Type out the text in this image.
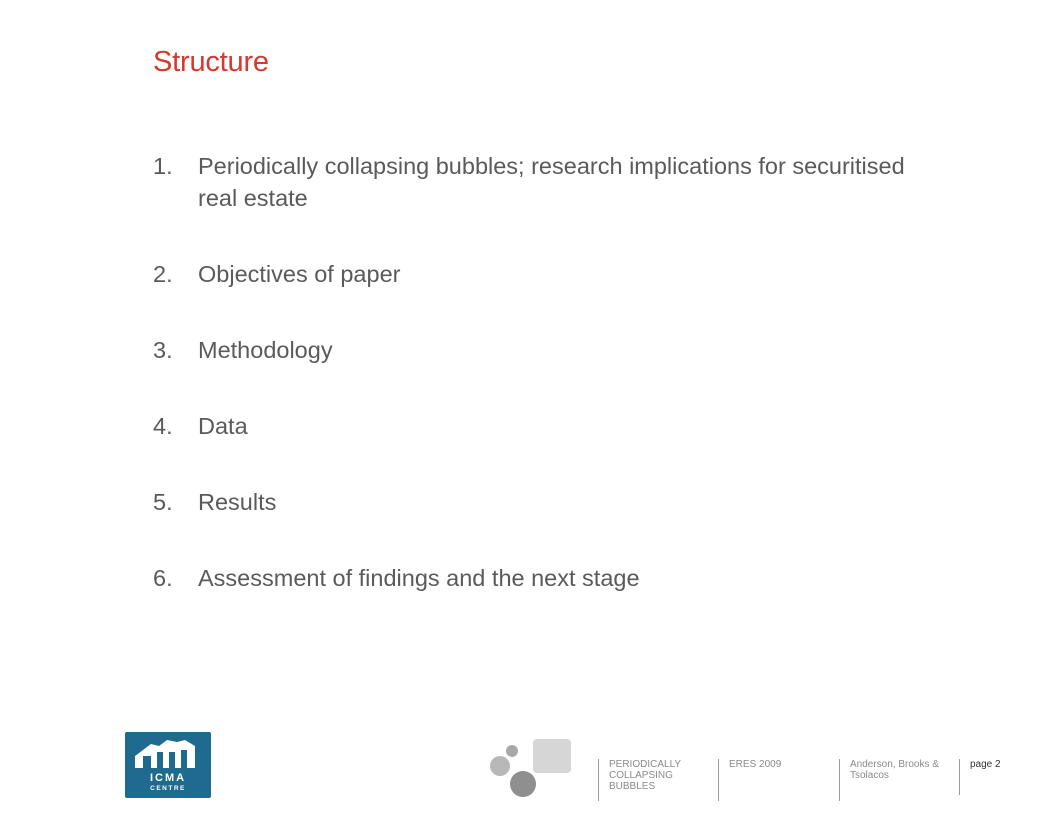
Structure
1. Periodically collapsing bubbles; research implications for securitised real estate
2. Objectives of paper
3. Methodology
4. Data
5. Results
6. Assessment of findings and the next stage
ICMA
CENTRE
PERIODICALLY COLLAPSING BUBBLES
ERES 2009	Anderson, Brooks & Tsolacos
page 2
